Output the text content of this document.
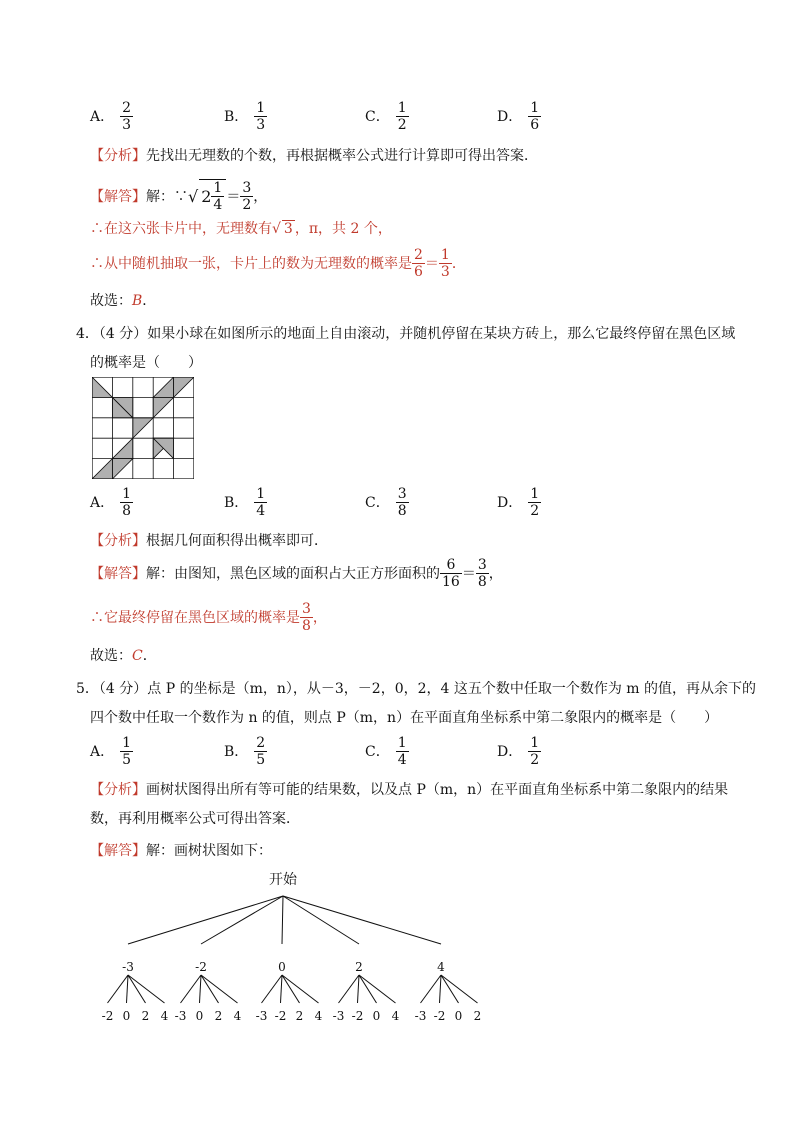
A． $\frac{2}{3}$	B． $\frac{1}{3}$	C． $\frac{1}{2}$	D． $\frac{1}{6}$
【分析】先找出无理数的个数，再根据概率公式进行计算即可得出答案．
【解答】 解：∵ √ $2 \frac{1}{4} = \frac{3}{2}$ ，
∴在这六张卡片中，无理数有√ 3 ，π，共 2 个，
∴从中随机抽取一张，卡片上的数为无理数的概率是 $\frac{2}{6} = \frac{1}{3}$ ．
故选：B．
4．（4 分）如果小球在如图所示的地面上自由滚动，并随机停留在某块方砖上，那么它最终停留在黑色区域
的概率是（　　）
A． $\frac{1}{8}$	B． $\frac{1}{4}$	C． $\frac{3}{8}$	D． $\frac{1}{2}$
【分析】根据几何面积得出概率即可．
【解答】 解：由图知，黑色区域的面积占大正方形面积的 $\frac{6}{16} = \frac{3}{8}$ ，
∴它最终停留在黑色区域的概率是 $\frac{3}{8}$ ，
故选：C．
5．（4 分）点 P 的坐标是（m，n），从－3，－2，0，2，4 这五个数中任取一个数作为 m 的值，再从余下的
四个数中任取一个数作为 n 的值，则点 P（m，n）在平面直角坐标系中第二象限内的概率是（　　）
A． $\frac{1}{5}$	B． $\frac{2}{5}$	C． $\frac{1}{4}$	D． $\frac{1}{2}$
【分析】画树状图得出所有等可能的结果数，以及点 P（m，n）在平面直角坐标系中第二象限内的结果
数，再利用概率公式可得出答案．
【解答】解：画树状图如下：
开始
-3
-2 0 2 4
-2
-3 0 2 4
0
-3 -2 2 4
2
-3 -2 0 4
4
-3 -2 0 2
